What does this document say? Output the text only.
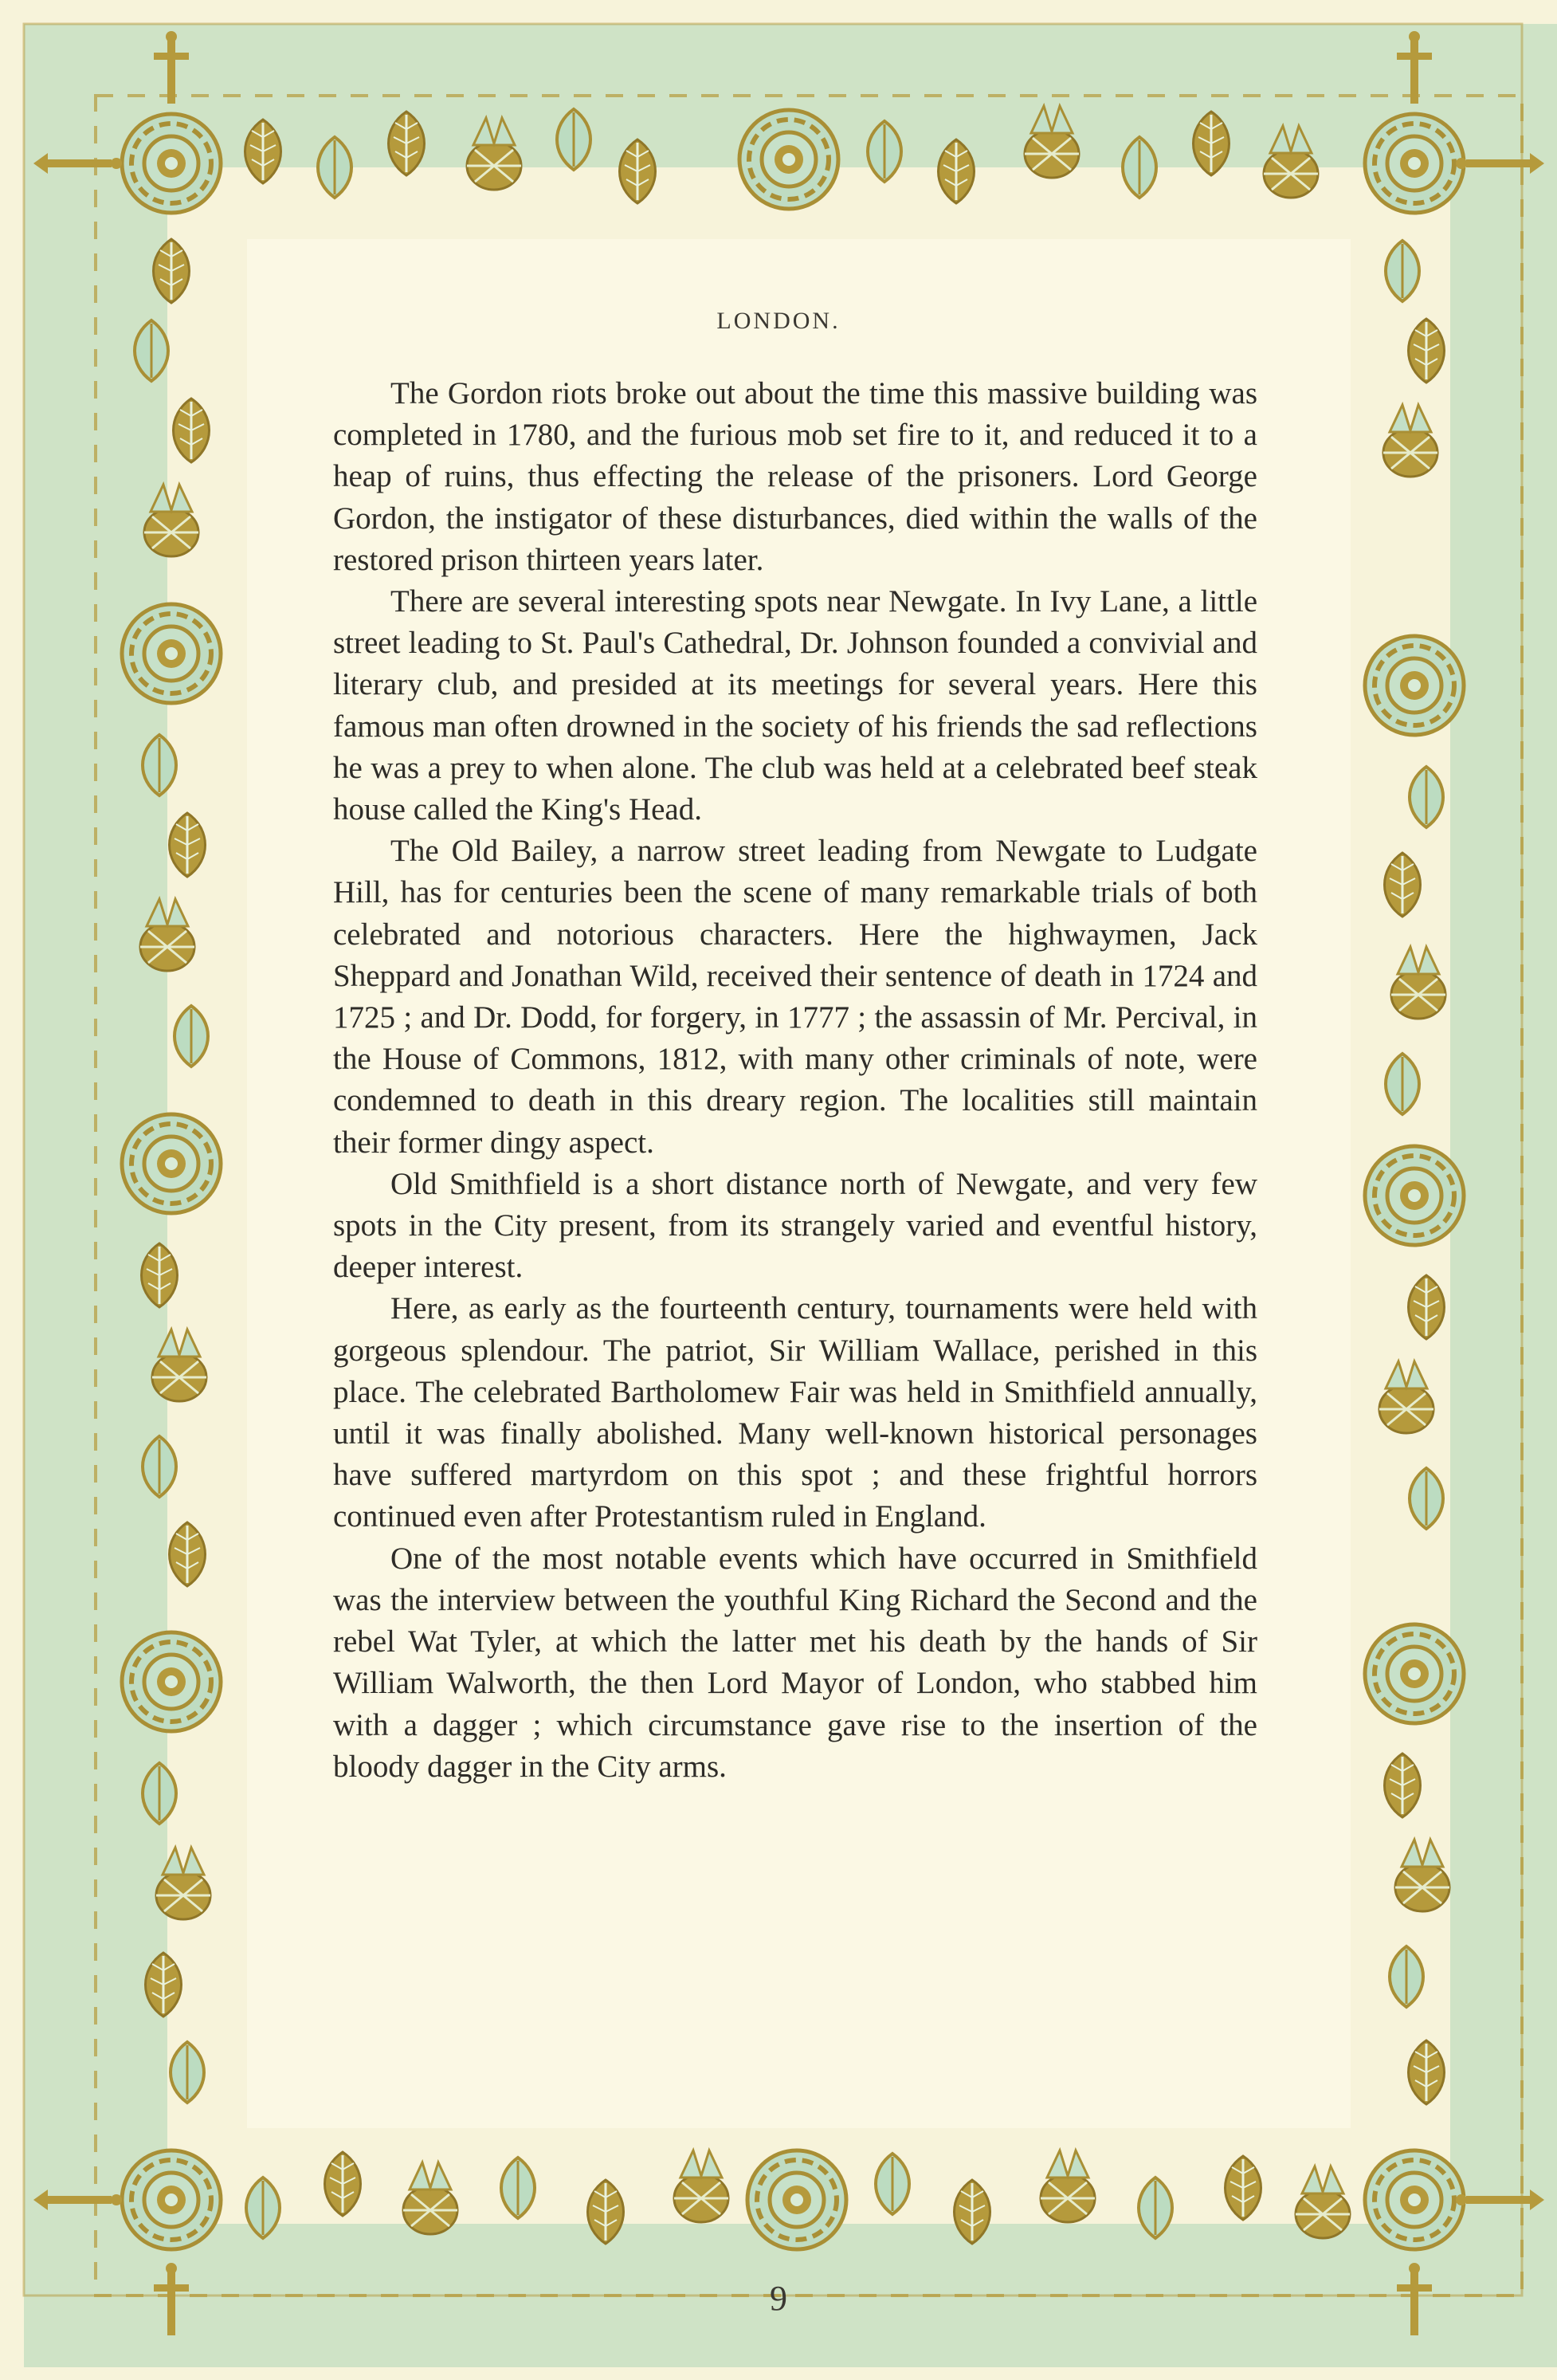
LONDON.

The Gordon riots broke out about the time this massive building was completed in 1780, and the furious mob set fire to it, and reduced it to a heap of ruins, thus effecting the release of the prisoners. Lord George Gordon, the instigator of these disturbances, died within the walls of the restored prison thirteen years later.

There are several interesting spots near Newgate. In Ivy Lane, a little street leading to St. Paul's Cathedral, Dr. Johnson founded a convivial and literary club, and presided at its meetings for several years. Here this famous man often drowned in the society of his friends the sad reflections he was a prey to when alone. The club was held at a celebrated beef steak house called the King's Head.

The Old Bailey, a narrow street leading from Newgate to Ludgate Hill, has for centuries been the scene of many remarkable trials of both celebrated and notorious characters. Here the highwaymen, Jack Sheppard and Jonathan Wild, received their sentence of death in 1724 and 1725 ; and Dr. Dodd, for forgery, in 1777 ; the assassin of Mr. Percival, in the House of Commons, 1812, with many other criminals of note, were condemned to death in this dreary region. The localities still maintain their former dingy aspect.

Old Smithfield is a short distance north of Newgate, and very few spots in the City present, from its strangely varied and eventful history, deeper interest.

Here, as early as the fourteenth century, tournaments were held with gorgeous splendour. The patriot, Sir William Wallace, perished in this place. The celebrated Bartholomew Fair was held in Smithfield annually, until it was finally abolished. Many well-known historical personages have suffered martyrdom on this spot ; and these frightful horrors continued even after Protestantism ruled in England.

One of the most notable events which have occurred in Smithfield was the interview between the youthful King Richard the Second and the rebel Wat Tyler, at which the latter met his death by the hands of Sir William Walworth, the then Lord Mayor of London, who stabbed him with a dagger ; which circumstance gave rise to the insertion of the bloody dagger in the City arms.

9
